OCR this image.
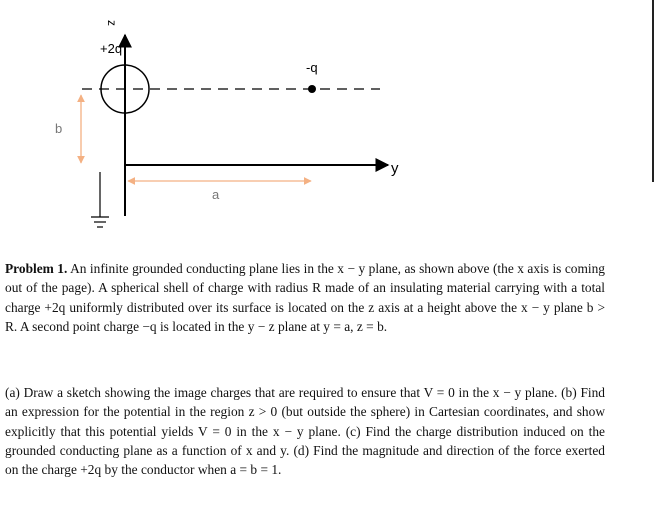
z
y
+2q
-q
b
a

Problem 1. An infinite grounded conducting plane lies in the x − y plane, as shown above (the x axis is coming out of the page). A spherical shell of charge with radius R made of an insulating material carrying with a total charge +2q uniformly distributed over its surface is located on the z axis at a height above the x − y plane b > R. A second point charge −q is located in the y − z plane at y = a, z = b.

(a) Draw a sketch showing the image charges that are required to ensure that V = 0 in the x − y plane. (b) Find an expression for the potential in the region z > 0 (but outside the sphere) in Cartesian coordinates, and show explicitly that this potential yields V = 0 in the x − y plane. (c) Find the charge distribution induced on the grounded conducting plane as a function of x and y. (d) Find the magnitude and direction of the force exerted on the charge +2q by the conductor when a = b = 1.
